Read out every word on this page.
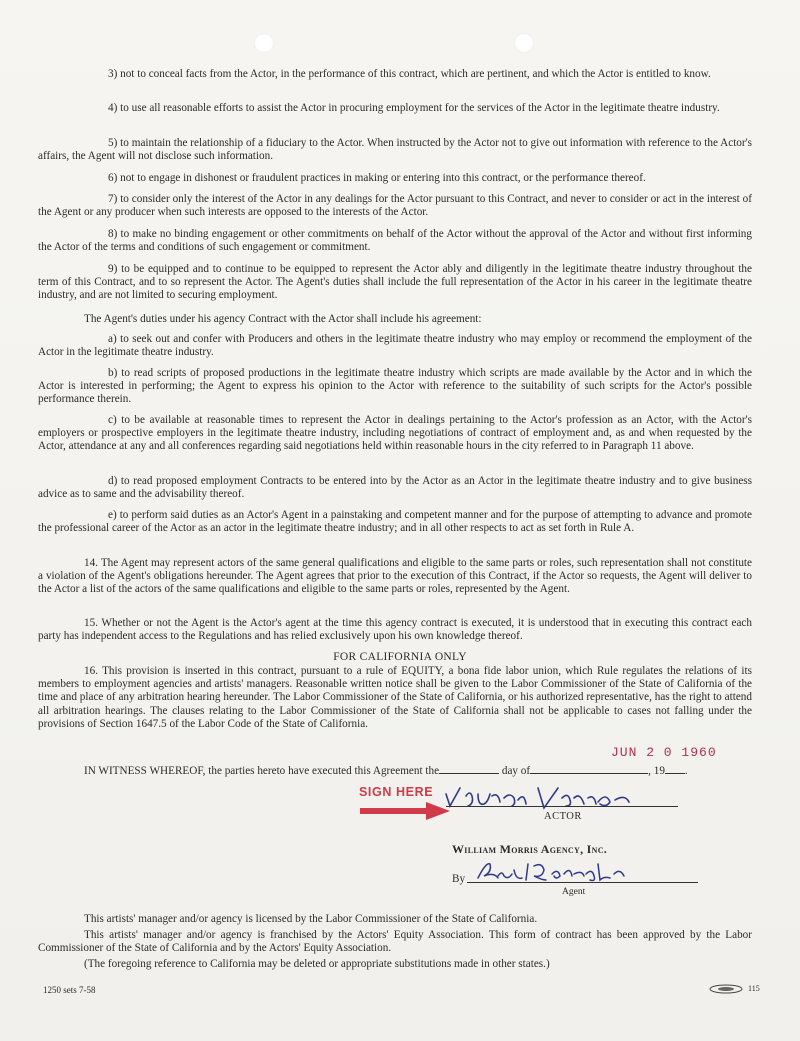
3) not to conceal facts from the Actor, in the performance of this contract, which are pertinent, and which the Actor is entitled to know.

4) to use all reasonable efforts to assist the Actor in procuring employment for the services of the Actor in the legitimate theatre industry.

5) to maintain the relationship of a fiduciary to the Actor. When instructed by the Actor not to give out information with reference to the Actor's affairs, the Agent will not disclose such information.

6) not to engage in dishonest or fraudulent practices in making or entering into this contract, or the performance thereof.

7) to consider only the interest of the Actor in any dealings for the Actor pursuant to this Contract, and never to consider or act in the interest of the Agent or any producer when such interests are opposed to the interests of the Actor.

8) to make no binding engagement or other commitments on behalf of the Actor without the approval of the Actor and without first informing the Actor of the terms and conditions of such engagement or commitment.

9) to be equipped and to continue to be equipped to represent the Actor ably and diligently in the legitimate theatre industry throughout the term of this Contract, and to so represent the Actor. The Agent's duties shall include the full representation of the Actor in his career in the legitimate theatre industry, and are not limited to securing employment.

The Agent's duties under his agency Contract with the Actor shall include his agreement:

a) to seek out and confer with Producers and others in the legitimate theatre industry who may employ or recommend the employment of the Actor in the legitimate theatre industry.

b) to read scripts of proposed productions in the legitimate theatre industry which scripts are made available by the Actor and in which the Actor is interested in performing; the Agent to express his opinion to the Actor with reference to the suitability of such scripts for the Actor's possible performance therein.

c) to be available at reasonable times to represent the Actor in dealings pertaining to the Actor's profession as an Actor, with the Actor's employers or prospective employers in the legitimate theatre industry, including negotiations of contract of employment and, as and when requested by the Actor, attendance at any and all conferences regarding said negotiations held within reasonable hours in the city referred to in Paragraph 11 above.

d) to read proposed employment Contracts to be entered into by the Actor as an Actor in the legitimate theatre industry and to give business advice as to same and the advisability thereof.

e) to perform said duties as an Actor's Agent in a painstaking and competent manner and for the purpose of attempting to advance and promote the professional career of the Actor as an actor in the legitimate theatre industry; and in all other respects to act as set forth in Rule A.

14. The Agent may represent actors of the same general qualifications and eligible to the same parts or roles, such representation shall not constitute a violation of the Agent's obligations hereunder. The Agent agrees that prior to the execution of this Contract, if the Actor so requests, the Agent will deliver to the Actor a list of the actors of the same qualifications and eligible to the same parts or roles, represented by the Agent.

15. Whether or not the Agent is the Actor's agent at the time this agency contract is executed, it is understood that in executing this contract each party has independent access to the Regulations and has relied exclusively upon his own knowledge thereof.

FOR CALIFORNIA ONLY

16. This provision is inserted in this contract, pursuant to a rule of EQUITY, a bona fide labor union, which Rule regulates the relations of its members to employment agencies and artists' managers. Reasonable written notice shall be given to the Labor Commissioner of the State of California of the time and place of any arbitration hearing hereunder. The Labor Commissioner of the State of California, or his authorized representative, has the right to attend all arbitration hearings. The clauses relating to the Labor Commissioner of the State of California shall not be applicable to cases not falling under the provisions of Section 1647.5 of the Labor Code of the State of California.

JUN 2 0 1960
IN WITNESS WHEREOF, the parties hereto have executed this Agreement the	day of	, 19 .
SIGN HERE
Vivian Vance
ACTOR
William Morris Agency, Inc.
By
Abe Lastfogel
Agent

This artists' manager and/or agency is licensed by the Labor Commissioner of the State of California.

This artists' manager and/or agency is franchised by the Actors' Equity Association. This form of contract has been approved by the Labor Commissioner of the State of California and by the Actors' Equity Association.

(The foregoing reference to California may be deleted or appropriate substitutions made in other states.)

1250 sets 7-58	115
